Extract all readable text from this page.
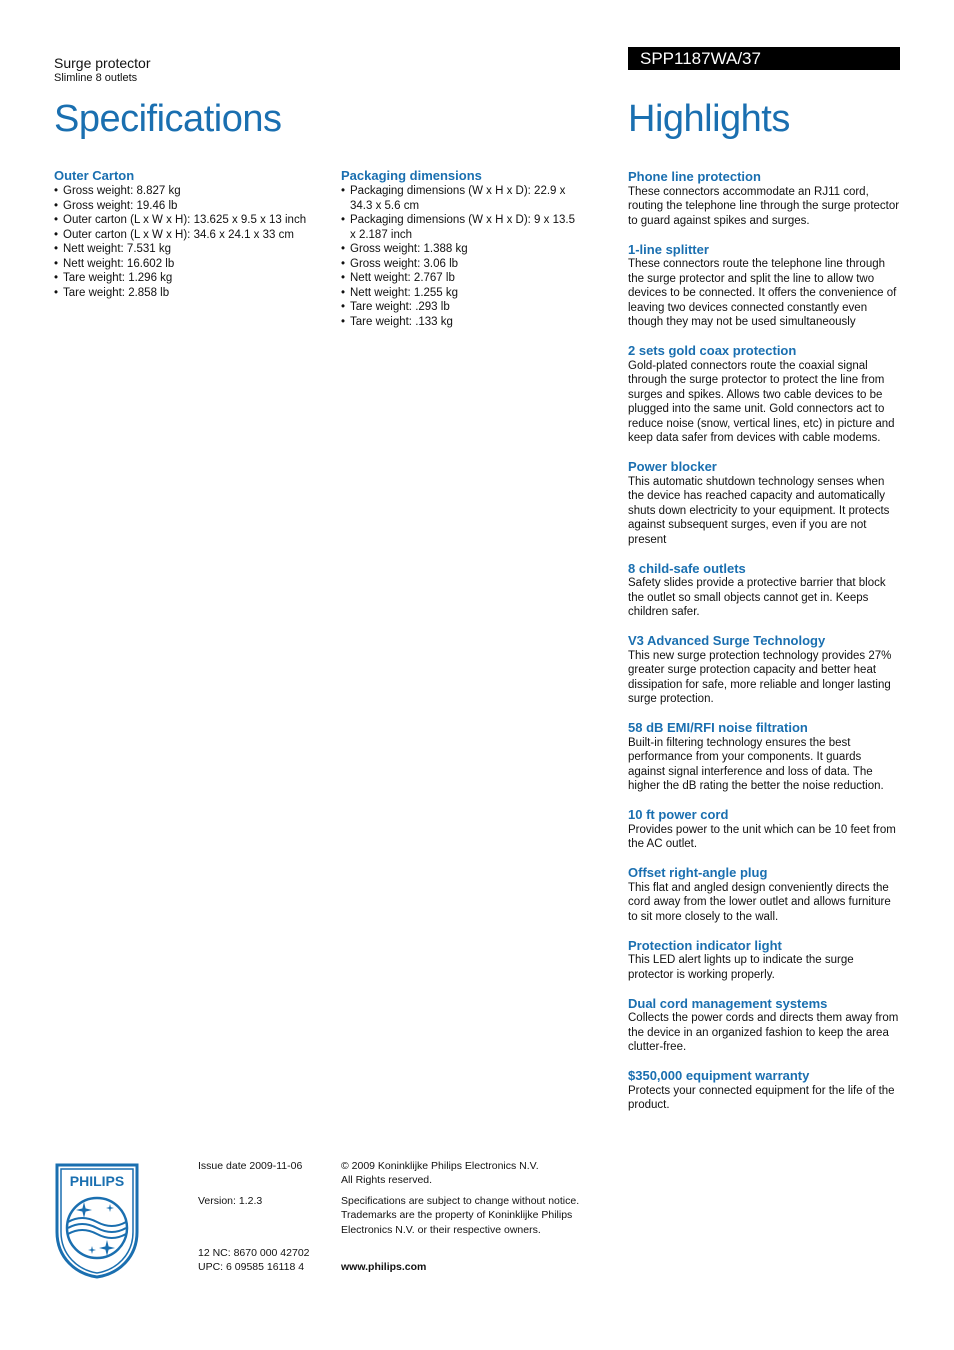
Surge protector
Slimline 8 outlets
SPP1187WA/37
Specifications	Highlights
Outer Carton
• Gross weight: 8.827 kg
• Gross weight: 19.46 lb
• Outer carton (L x W x H): 13.625 x 9.5 x 13 inch
• Outer carton (L x W x H): 34.6 x 24.1 x 33 cm
• Nett weight: 7.531 kg
• Nett weight: 16.602 lb
• Tare weight: 1.296 kg
• Tare weight: 2.858 lb
Packaging dimensions
• Packaging dimensions (W x H x D): 22.9 x 34.3 x 5.6 cm
• Packaging dimensions (W x H x D): 9 x 13.5 x 2.187 inch
• Gross weight: 1.388 kg
• Gross weight: 3.06 lb
• Nett weight: 2.767 lb
• Nett weight: 1.255 kg
• Tare weight: .293 lb
• Tare weight: .133 kg
Phone line protection
These connectors accommodate an RJ11 cord, routing the telephone line through the surge protector to guard against spikes and surges.
1-line splitter
These connectors route the telephone line through the surge protector and split the line to allow two devices to be connected. It offers the convenience of leaving two devices connected constantly even though they may not be used simultaneously
2 sets gold coax protection
Gold-plated connectors route the coaxial signal through the surge protector to protect the line from surges and spikes. Allows two cable devices to be plugged into the same unit. Gold connectors act to reduce noise (snow, vertical lines, etc) in picture and keep data safer from devices with cable modems.
Power blocker
This automatic shutdown technology senses when the device has reached capacity and automatically shuts down electricity to your equipment. It protects against subsequent surges, even if you are not present
8 child-safe outlets
Safety slides provide a protective barrier that block the outlet so small objects cannot get in. Keeps children safer.
V3 Advanced Surge Technology
This new surge protection technology provides 27% greater surge protection capacity and better heat dissipation for safe, more reliable and longer lasting surge protection.
58 dB EMI/RFI noise filtration
Built-in filtering technology ensures the best performance from your components. It guards against signal interference and loss of data. The higher the dB rating the better the noise reduction.
10 ft power cord
Provides power to the unit which can be 10 feet from the AC outlet.
Offset right-angle plug
This flat and angled design conveniently directs the cord away from the lower outlet and allows furniture to sit more closely to the wall.
Protection indicator light
This LED alert lights up to indicate the surge protector is working properly.
Dual cord management systems
Collects the power cords and directs them away from the device in an organized fashion to keep the area clutter-free.
$350,000 equipment warranty
Protects your connected equipment for the life of the product.
PHILIPS
Issue date 2009-11-06
Version: 1.2.3
12 NC: 8670 000 42702
UPC: 6 09585 16118 4
© 2009 Koninklijke Philips Electronics N.V.
All Rights reserved.
Specifications are subject to change without notice.
Trademarks are the property of Koninklijke Philips
Electronics N.V. or their respective owners.
www.philips.com
